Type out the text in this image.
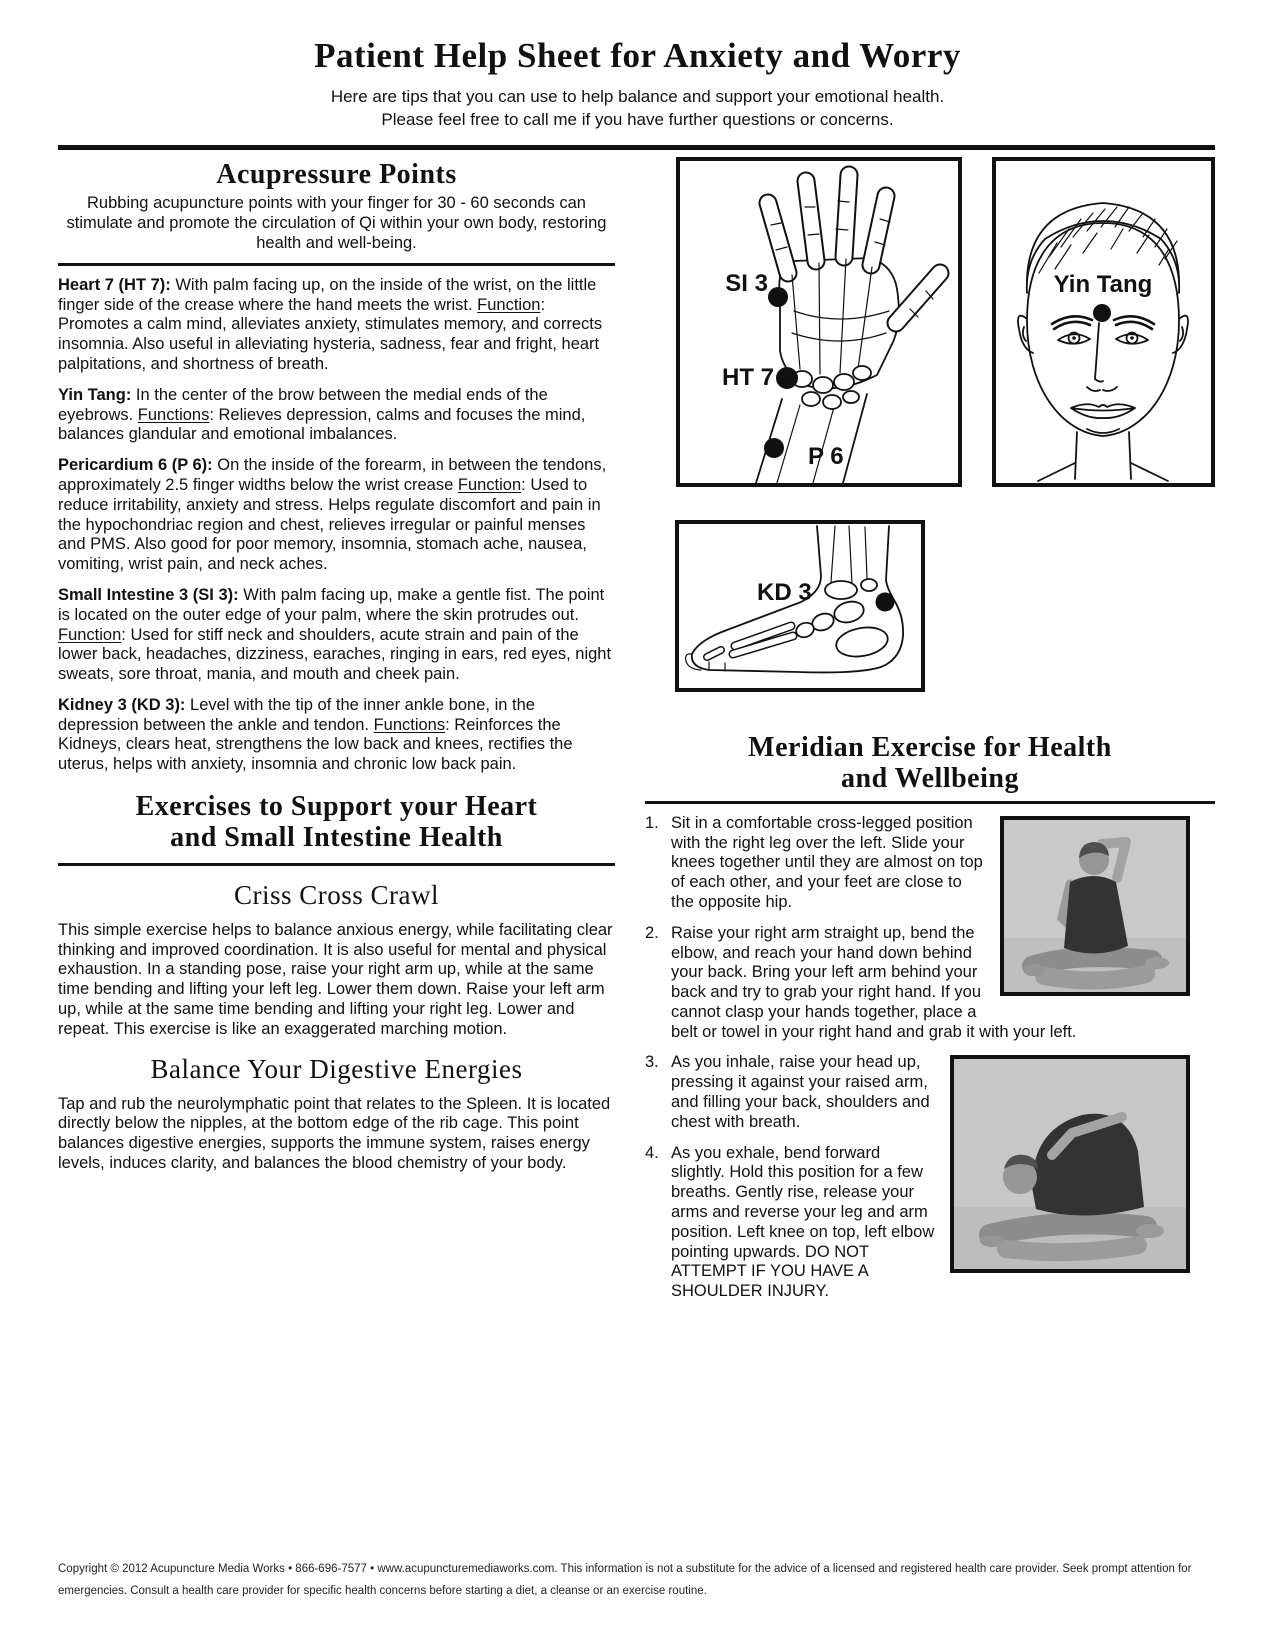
Patient Help Sheet for Anxiety and Worry

Here are tips that you can use to help balance and support your emotional health.

Please feel free to call me if you have further questions or concerns.

Acupressure Points

Rubbing acupuncture points with your finger for 30 - 60 seconds can stimulate and promote the circulation of Qi within your own body, restoring health and well-being.

Heart 7 (HT 7): With palm facing up, on the inside of the wrist, on the little finger side of the crease where the hand meets the wrist. Function: Promotes a calm mind, alleviates anxiety, stimulates memory, and corrects insomnia. Also useful in alleviating hysteria, sadness, fear and fright, heart palpitations, and shortness of breath.

Yin Tang: In the center of the brow between the medial ends of the eyebrows. Functions: Relieves depression, calms and focuses the mind, balances glandular and emotional imbalances.

Pericardium 6 (P 6): On the inside of the forearm, in between the tendons, approximately 2.5 finger widths below the wrist crease Function: Used to reduce irritability, anxiety and stress. Helps regulate discomfort and pain in the hypochondriac region and chest, relieves irregular or painful menses and PMS. Also good for poor memory, insomnia, stomach ache, nausea, vomiting, wrist pain, and neck aches.

Small Intestine 3 (SI 3): With palm facing up, make a gentle fist. The point is located on the outer edge of your palm, where the skin protrudes out. Function: Used for stiff neck and shoulders, acute strain and pain of the lower back, headaches, dizziness, earaches, ringing in ears, red eyes, night sweats, sore throat, mania, and mouth and cheek pain.

Kidney 3 (KD 3): Level with the tip of the inner ankle bone, in the depression between the ankle and tendon. Functions: Reinforces the Kidneys, clears heat, strengthens the low back and knees, rectifies the uterus, helps with anxiety, insomnia and chronic low back pain.

Exercises to Support your Heart
and Small Intestine Health
Criss Cross Crawl

This simple exercise helps to balance anxious energy, while facilitating clear thinking and improved coordination. It is also useful for mental and physical exhaustion. In a standing pose, raise your right arm up, while at the same time bending and lifting your left leg. Lower them down. Raise your left arm up, while at the same time bending and lifting your right leg. Lower and repeat. This exercise is like an exaggerated marching motion.

Balance Your Digestive Energies

Tap and rub the neurolymphatic point that relates to the Spleen. It is located directly below the nipples, at the bottom edge of the rib cage. This point balances digestive energies, supports the immune system, raises energy levels, induces clarity, and balances the blood chemistry of your body.

SI 3
HT 7
P 6
Yin Tang
KD 3
Meridian Exercise for Health
and Wellbeing
1. Sit in a comfortable cross-legged position with the right leg over the left. Slide your knees together until they are almost on top of each other, and your feet are close to the opposite hip.
2. Raise your right arm straight up, bend the elbow, and reach your hand down behind your back. Bring your left arm behind your back and try to grab your right hand. If you cannot clasp your hands together, place a belt or towel in your right hand and grab it with your left.
3. As you inhale, raise your head up, pressing it against your raised arm, and filling your back, shoulders and chest with breath.
4. As you exhale, bend forward slightly. Hold this position for a few breaths. Gently rise, release your arms and reverse your leg and arm position. Left knee on top, left elbow pointing upwards. DO NOT ATTEMPT IF YOU HAVE A SHOULDER INJURY.

Copyright © 2012 Acupuncture Media Works • 866-696-7577 • www.acupuncturemediaworks.com. This information is not a substitute for the advice of a licensed and registered health care provider. Seek prompt attention for emergencies. Consult a health care provider for specific health concerns before starting a diet, a cleanse or an exercise routine.
